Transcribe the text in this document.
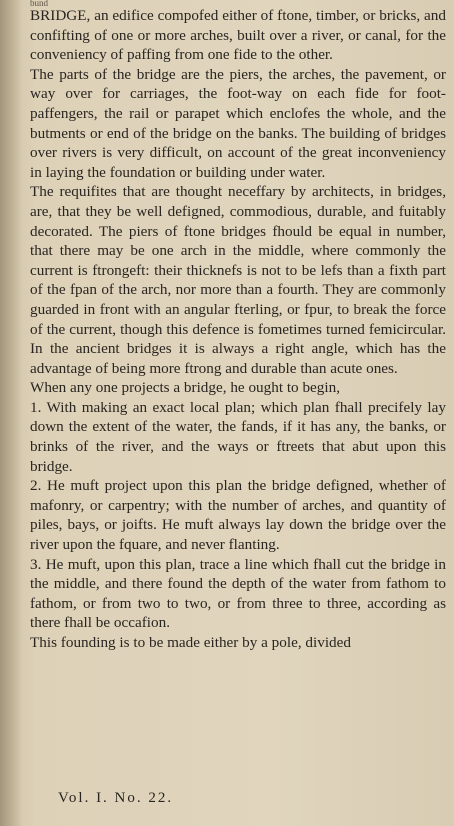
bund

BRIDGE, an edifice compofed either of ftone, timber, or bricks, and confifting of one or more arches, built over a river, or canal, for the conveniency of paffing from one fide to the other.

The parts of the bridge are the piers, the arches, the pavement, or way over for carriages, the foot-way on each fide for foot-paffengers, the rail or parapet which enclofes the whole, and the butments or end of the bridge on the banks. The building of bridges over rivers is very difficult, on account of the great inconveniency in laying the foundation or building under water.

The requifites that are thought neceffary by architects, in bridges, are, that they be well defigned, commodious, durable, and fuitably decorated. The piers of ftone bridges fhould be equal in number, that there may be one arch in the middle, where commonly the current is ftrongeft: their thicknefs is not to be lefs than a fixth part of the fpan of the arch, nor more than a fourth. They are commonly guarded in front with an angular fterling, or fpur, to break the force of the current, though this defence is fometimes turned femicircular. In the ancient bridges it is always a right angle, which has the advantage of being more ftrong and durable than acute ones.

When any one projects a bridge, he ought to begin,

1. With making an exact local plan; which plan fhall precifely lay down the extent of the water, the fands, if it has any, the banks, or brinks of the river, and the ways or ftreets that abut upon this bridge.

2. He muft project upon this plan the bridge defigned, whether of mafonry, or carpentry; with the number of arches, and quantity of piles, bays, or joifts. He muft always lay down the bridge over the river upon the fquare, and never flanting.

3. He muft, upon this plan, trace a line which fhall cut the bridge in the middle, and there found the depth of the water from fathom to fathom, or from two to two, or from three to three, according as there fhall be occafion.

This founding is to be made either by a pole, divided

Vol. I. No. 22.
